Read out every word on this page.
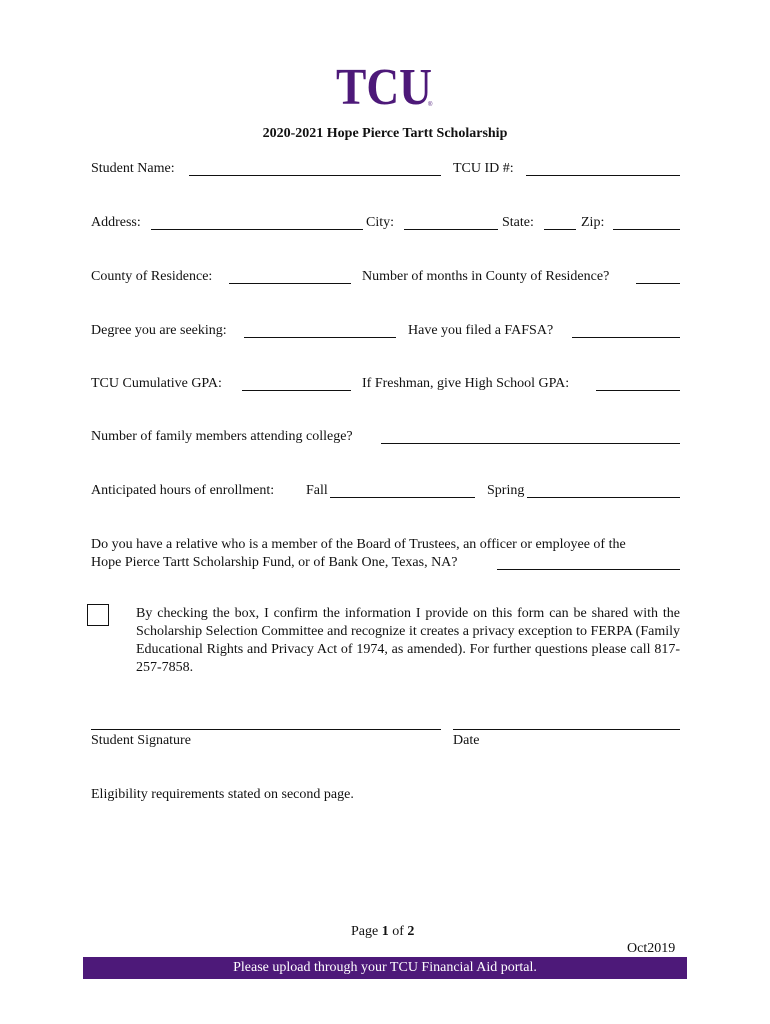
TCU
®
2020-2021 Hope Pierce Tartt Scholarship
Student Name:	TCU ID #:
Address:	City:	State:	Zip:
County of Residence:	Number of months in County of Residence?
Degree you are seeking:	Have you filed a FAFSA?
TCU Cumulative GPA:	If Freshman, give High School GPA:
Number of family members attending college?
Anticipated hours of enrollment: Fall	Spring
Do you have a relative who is a member of the Board of Trustees, an officer or employee of the
Hope Pierce Tartt Scholarship Fund, or of Bank One, Texas, NA?
By checking the box, I confirm the information I provide on this form can be shared with the Scholarship Selection Committee and recognize it creates a privacy exception to FERPA (Family Educational Rights and Privacy Act of 1974, as amended). For further questions please call 817-257-7858.
Student Signature	Date
Eligibility requirements stated on second page.
Page 1 of 2
Oct2019
Please upload through your TCU Financial Aid portal.
